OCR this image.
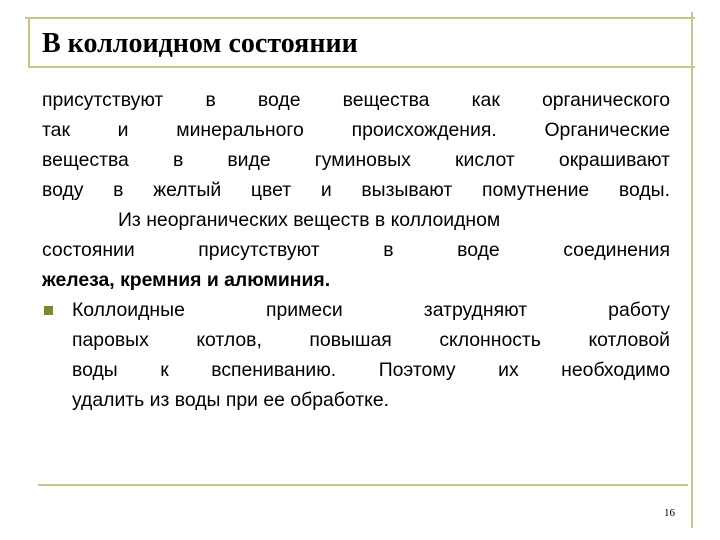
В коллоидном состоянии
присутствуют в воде вещества как органического
так и минерального происхождения. Органические
вещества в виде гуминовых кислот окрашивают
воду в желтый цвет и вызывают помутнение воды.
Из неорганических веществ в коллоидном
состоянии присутствуют в воде соединения
железа, кремния и алюминия.
Коллоидные примеси затрудняют работу
паровых котлов, повышая склонность котловой
воды к вспениванию. Поэтому их необходимо
удалить из воды при ее обработке.
16
